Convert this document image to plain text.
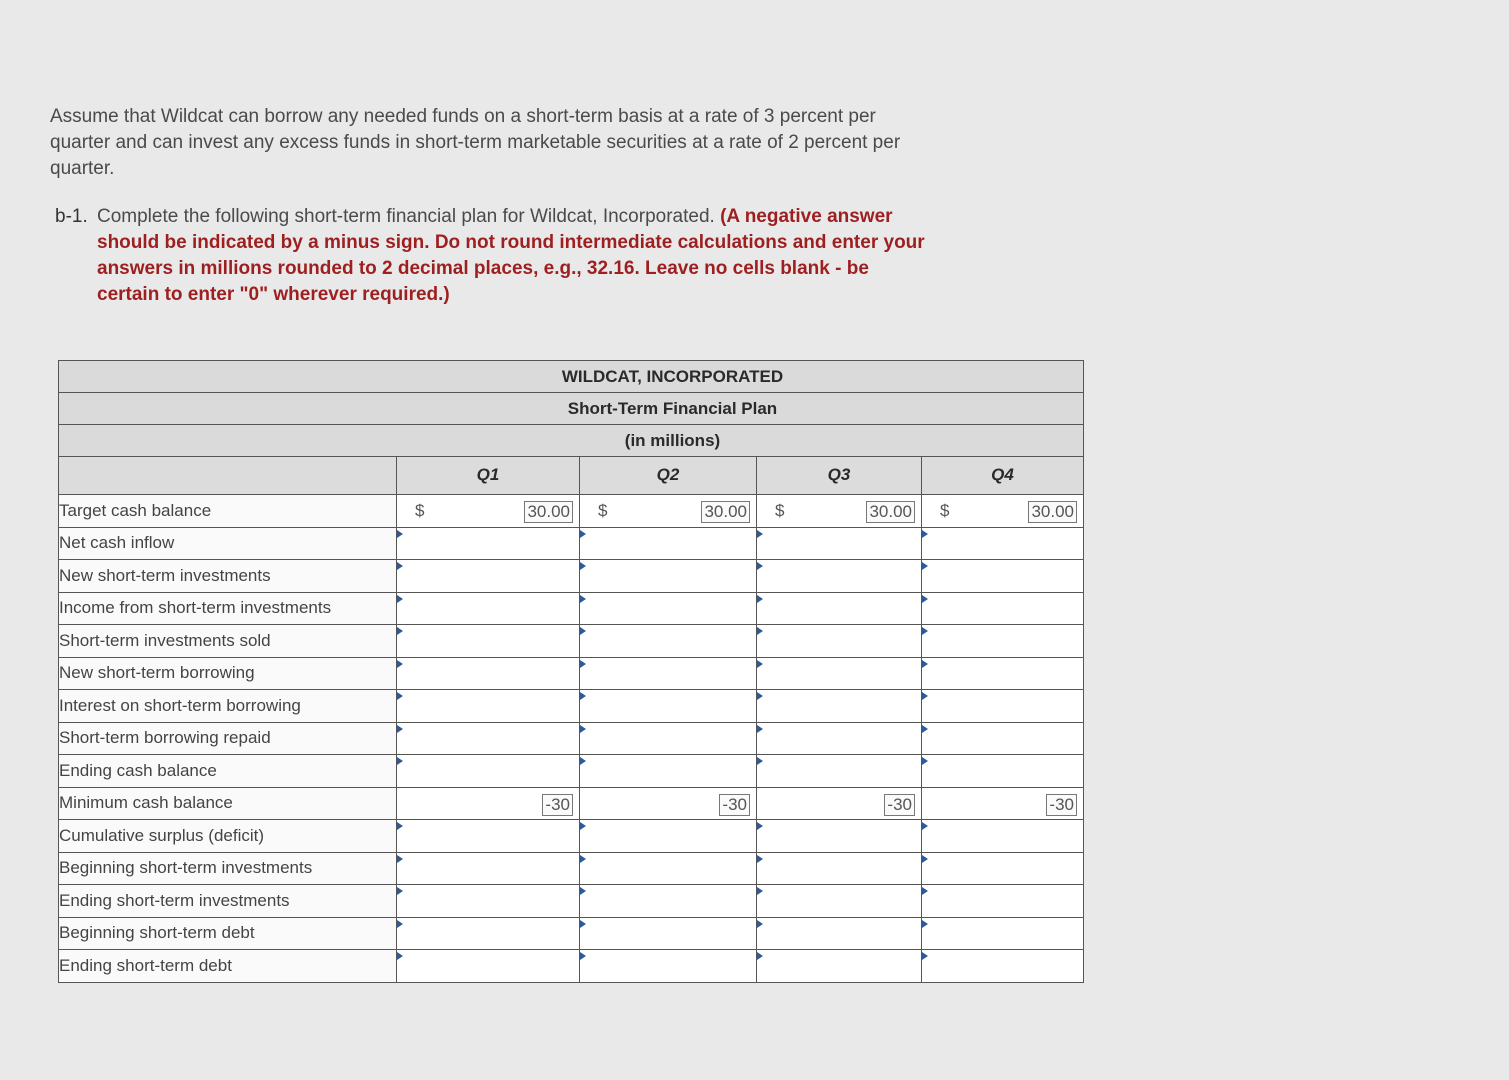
Assume that Wildcat can borrow any needed funds on a short-term basis at a rate of 3 percent per quarter and can invest any excess funds in short-term marketable securities at a rate of 2 percent per quarter.

b-1. Complete the following short-term financial plan for Wildcat, Incorporated. (A negative answer should be indicated by a minus sign. Do not round intermediate calculations and enter your answers in millions rounded to 2 decimal places, e.g., 32.16. Leave no cells blank - be certain to enter "0" wherever required.)
WILDCAT, INCORPORATED				
Short-Term Financial Plan				
(in millions)				
	Q1	Q2	Q3	Q4
Target cash balance	$ 30.00	$ 30.00	$ 30.00	$ 30.00

Net cash inflow				
New short-term investments				
Income from short-term investments				
Short-term investments sold				
New short-term borrowing				
Interest on short-term borrowing				
Short-term borrowing repaid				
Ending cash balance				
Minimum cash balance	-30	-30	-30	-30

Cumulative surplus (deficit)				
Beginning short-term investments				
Ending short-term investments				
Beginning short-term debt				
Ending short-term debt				
